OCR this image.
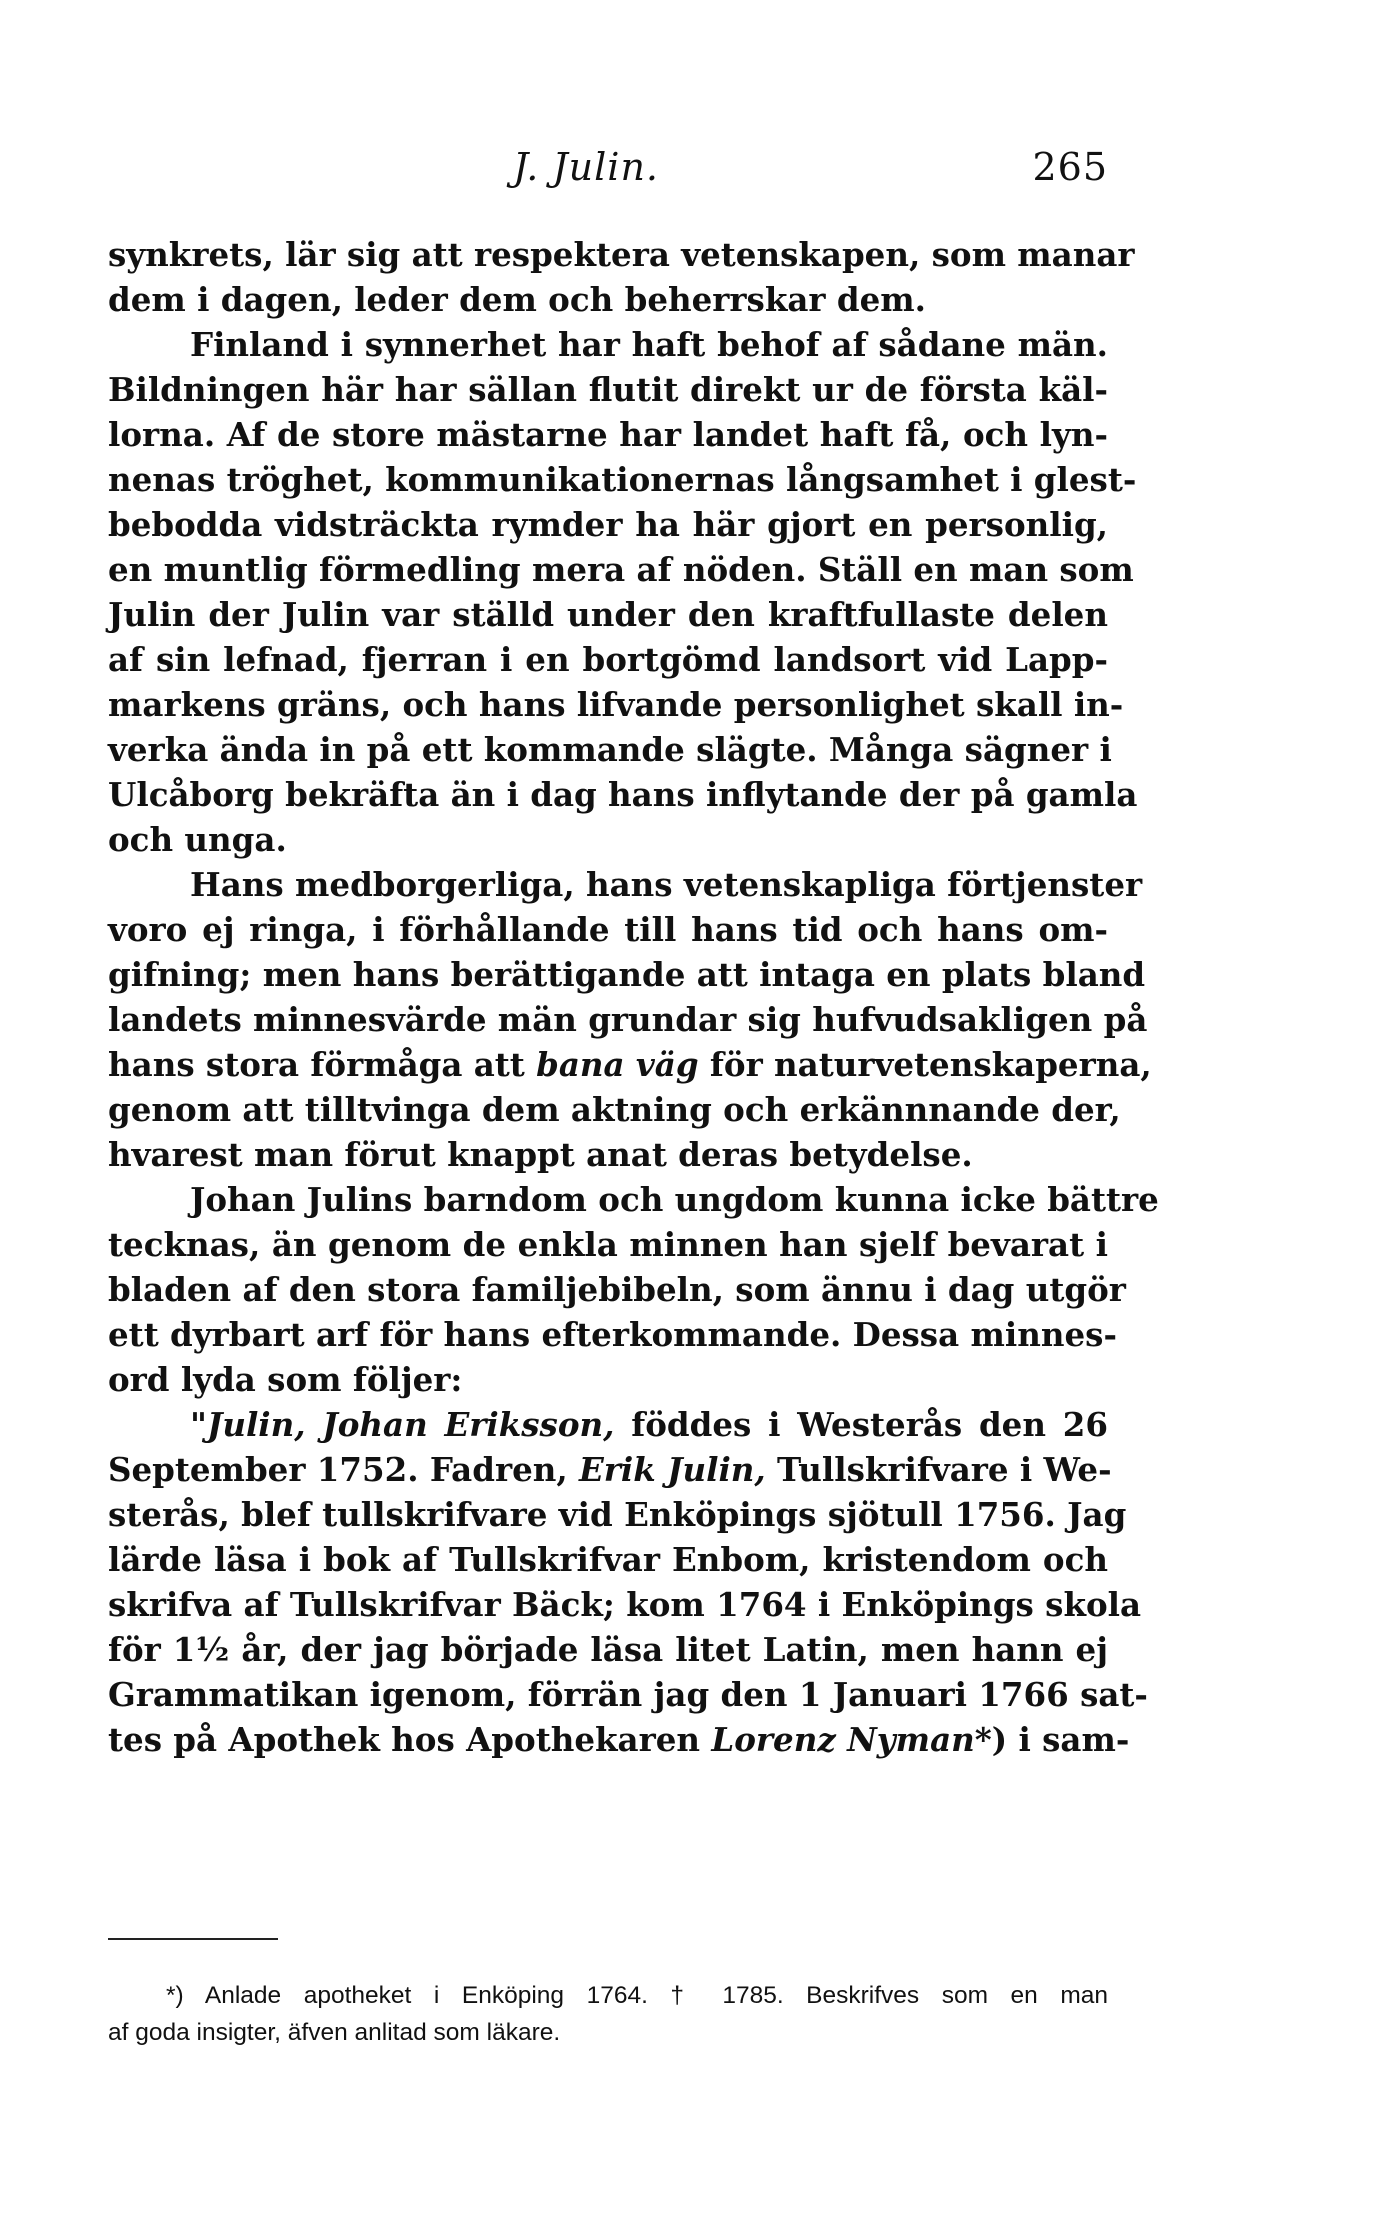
J. Julin.	265
synkrets, lär sig att respektera vetenskapen, som manar
dem i dagen, leder dem och beherrskar dem.
Finland i synnerhet har haft behof af sådane män.
Bildningen här har sällan flutit direkt ur de första käl-
lorna. Af de store mästarne har landet haft få, och lyn-
nenas tröghet, kommunikationernas långsamhet i glest-
bebodda vidsträckta rymder ha här gjort en personlig,
en muntlig förmedling mera af nöden. Ställ en man som
Julin der Julin var ställd under den kraftfullaste delen
af sin lefnad, fjerran i en bortgömd landsort vid Lapp-
markens gräns, och hans lifvande personlighet skall in-
verka ända in på ett kommande slägte. Många sägner i
Ulcåborg bekräfta än i dag hans inflytande der på gamla
och unga.
Hans medborgerliga, hans vetenskapliga förtjenster
voro ej ringa, i förhållande till hans tid och hans om-
gifning; men hans berättigande att intaga en plats bland
landets minnesvärde män grundar sig hufvudsakligen på
hans stora förmåga att bana väg för naturvetenskaperna,
genom att tilltvinga dem aktning och erkännnande der,
hvarest man förut knappt anat deras betydelse.
Johan Julins barndom och ungdom kunna icke bättre
tecknas, än genom de enkla minnen han sjelf bevarat i
bladen af den stora familjebibeln, som ännu i dag utgör
ett dyrbart arf för hans efterkommande. Dessa minnes-
ord lyda som följer:
"Julin, Johan Eriksson, föddes i Westerås den 26
September 1752. Fadren, Erik Julin, Tullskrifvare i We-
sterås, blef tullskrifvare vid Enköpings sjötull 1756. Jag
lärde läsa i bok af Tullskrifvar Enbom, kristendom och
skrifva af Tullskrifvar Bäck; kom 1764 i Enköpings skola
för 1½ år, der jag började läsa litet Latin, men hann ej
Grammatikan igenom, förrän jag den 1 Januari 1766 sat-
tes på Apothek hos Apothekaren Lorenz Nyman*) i sam-
*) Anlade apotheket i Enköping 1764. † 1785. Beskrifves som en man
af goda insigter, äfven anlitad som läkare.
